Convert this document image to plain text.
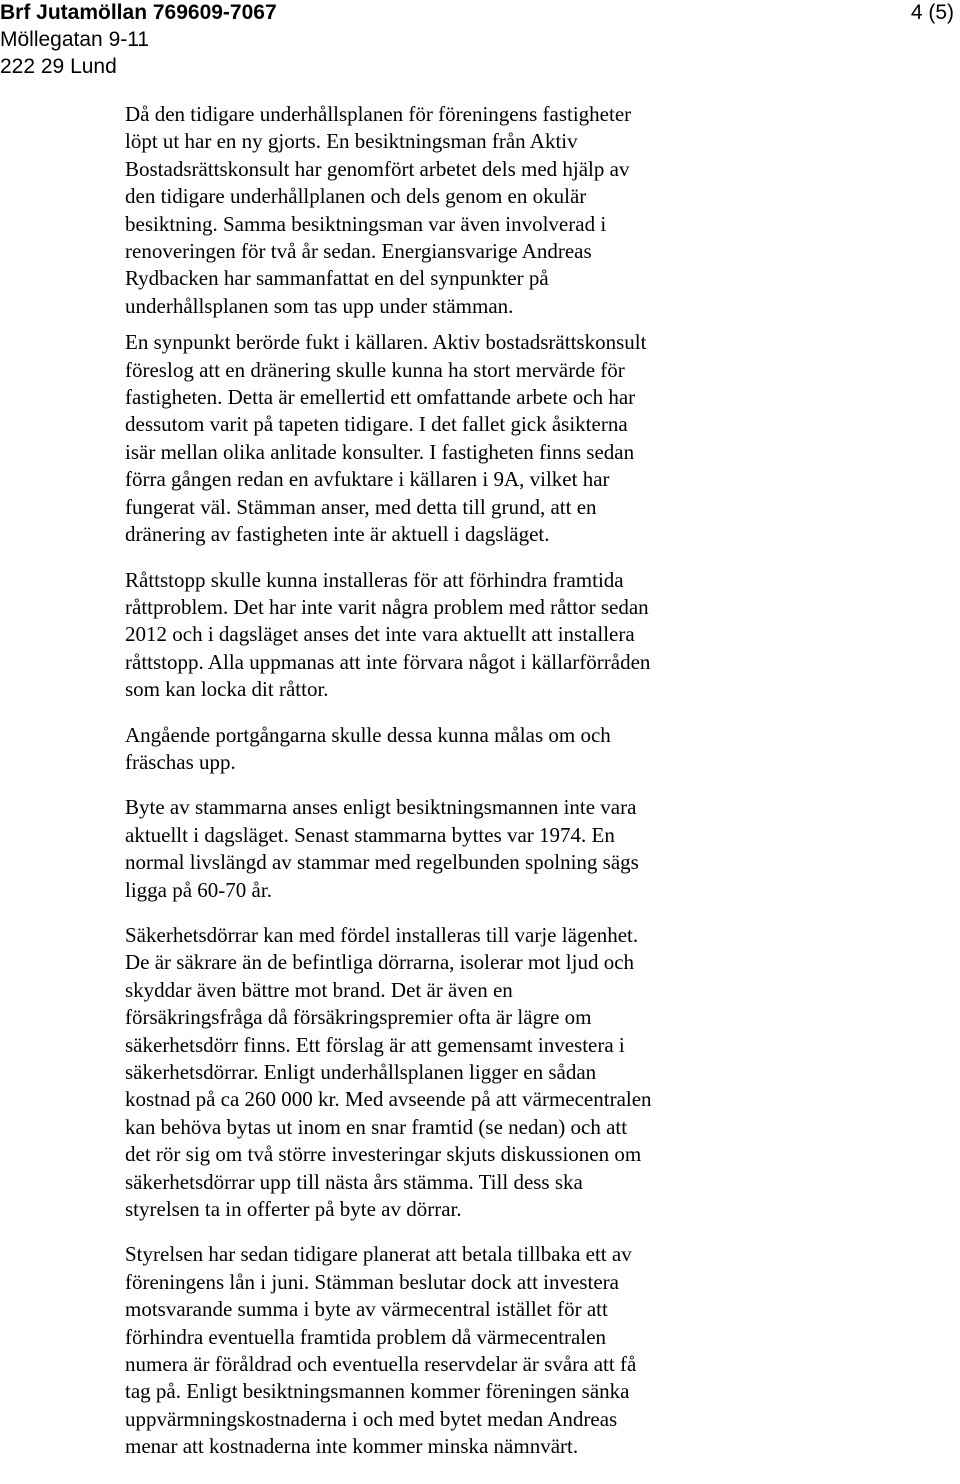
Brf Jutamöllan 769609-7067
Möllegatan 9-11
222 29 Lund
4 (5)

Då den tidigare underhållsplanen för föreningens fastigheter
löpt ut har en ny gjorts. En besiktningsman från Aktiv
Bostadsrättskonsult har genomfört arbetet dels med hjälp av
den tidigare underhållplanen och dels genom en okulär
besiktning. Samma besiktningsman var även involverad i
renoveringen för två år sedan. Energiansvarige Andreas
Rydbacken har sammanfattat en del synpunkter på
underhållsplanen som tas upp under stämman.

En synpunkt berörde fukt i källaren. Aktiv bostadsrättskonsult
föreslog att en dränering skulle kunna ha stort mervärde för
fastigheten. Detta är emellertid ett omfattande arbete och har
dessutom varit på tapeten tidigare. I det fallet gick åsikterna
isär mellan olika anlitade konsulter. I fastigheten finns sedan
förra gången redan en avfuktare i källaren i 9A, vilket har
fungerat väl. Stämman anser, med detta till grund, att en
dränering av fastigheten inte är aktuell i dagsläget.

Råttstopp skulle kunna installeras för att förhindra framtida
råttproblem. Det har inte varit några problem med råttor sedan
2012 och i dagsläget anses det inte vara aktuellt att installera
råttstopp. Alla uppmanas att inte förvara något i källarförråden
som kan locka dit råttor.

Angående portgångarna skulle dessa kunna målas om och
fräschas upp.

Byte av stammarna anses enligt besiktningsmannen inte vara
aktuellt i dagsläget. Senast stammarna byttes var 1974. En
normal livslängd av stammar med regelbunden spolning sägs
ligga på 60-70 år.

Säkerhetsdörrar kan med fördel installeras till varje lägenhet.
De är säkrare än de befintliga dörrarna, isolerar mot ljud och
skyddar även bättre mot brand. Det är även en
försäkringsfråga då försäkringspremier ofta är lägre om
säkerhetsdörr finns. Ett förslag är att gemensamt investera i
säkerhetsdörrar. Enligt underhållsplanen ligger en sådan
kostnad på ca 260 000 kr. Med avseende på att värmecentralen
kan behöva bytas ut inom en snar framtid (se nedan) och att
det rör sig om två större investeringar skjuts diskussionen om
säkerhetsdörrar upp till nästa års stämma. Till dess ska
styrelsen ta in offerter på byte av dörrar.

Styrelsen har sedan tidigare planerat att betala tillbaka ett av
föreningens lån i juni. Stämman beslutar dock att investera
motsvarande summa i byte av värmecentral istället för att
förhindra eventuella framtida problem då värmecentralen
numera är föråldrad och eventuella reservdelar är svåra att få
tag på. Enligt besiktningsmannen kommer föreningen sänka
uppvärmningskostnaderna i och med bytet medan Andreas
menar att kostnaderna inte kommer minska nämnvärt.
